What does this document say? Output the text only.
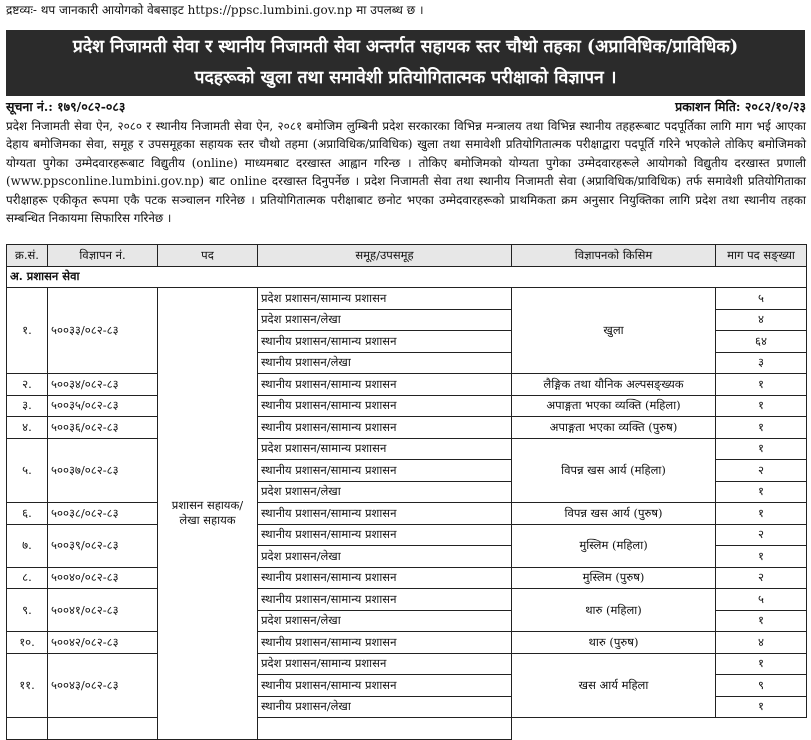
द्रष्टव्यः- थप जानकारी आयोगको वेबसाइट https://ppsc.lumbini.gov.np मा उपलब्ध छ ।
प्रदेश निजामती सेवा र स्थानीय निजामती सेवा अन्तर्गत सहायक स्तर चौथो तहका (अप्राविधिक/प्राविधिक)
पदहरूको खुला तथा समावेशी प्रतियोगितात्मक परीक्षाको विज्ञापन ।
सूचना नं.: १७९/०८२-०८३	प्रकाशन मिति: २०८२/१०/२३
प्रदेश निजामती सेवा ऐन, २०८० र स्थानीय निजामती सेवा ऐन, २०८१ बमोजिम लुम्बिनी प्रदेश सरकारका विभिन्न मन्त्रालय तथा विभिन्न स्थानीय तहहरूबाट पदपूर्तिका लागि माग भई आएका देहाय बमोजिमका सेवा, समूह र उपसमूहका सहायक स्तर चौथो तहमा (अप्राविधिक/प्राविधिक) खुला तथा समावेशी प्रतियोगितात्मक परीक्षाद्वारा पदपूर्ति गरिने भएकोले तोकिए बमोजिमको योग्यता पुगेका उम्मेदवारहरूबाट विद्युतीय (online) माध्यमबाट दरखास्त आह्वान गरिन्छ । तोकिए बमोजिमको योग्यता पुगेका उम्मेदवारहरूले आयोगको विद्युतीय दरखास्त प्रणाली (www.ppsconline.lumbini.gov.np) बाट online दरखास्त दिनुपर्नेछ । प्रदेश निजामती सेवा तथा स्थानीय निजामती सेवा (अप्राविधिक/प्राविधिक) तर्फ समावेशी प्रतियोगिताका परीक्षाहरू एकीकृत रूपमा एकै पटक सञ्चालन गरिनेछ । प्रतियोगितात्मक परीक्षाबाट छनोट भएका उम्मेदवारहरूको प्राथमिकता क्रम अनुसार नियुक्तिका लागि प्रदेश तथा स्थानीय तहका सम्बन्धित निकायमा सिफारिस गरिनेछ ।
क्र.सं.	विज्ञापन नं.	पद	समूह/उपसमूह	विज्ञापनको किसिम	माग पद सङ्ख्या
अ. प्रशासन सेवा					
१.	५००३३/०८२-८३	प्रशासन सहायक/ लेखा सहायक	प्रदेश प्रशासन/सामान्य प्रशासन	खुला	५
			प्रदेश प्रशासन/लेखा		४
			स्थानीय प्रशासन/सामान्य प्रशासन		६४
			स्थानीय प्रशासन/लेखा		३
२.	५००३४/०८२-८३		स्थानीय प्रशासन/सामान्य प्रशासन	लैङ्गिक तथा यौनिक अल्पसङ्ख्यक	१
३.	५००३५/०८२-८३		स्थानीय प्रशासन/सामान्य प्रशासन	अपाङ्गता भएका व्यक्ति (महिला)	१
४.	५००३६/०८२-८३		स्थानीय प्रशासन/सामान्य प्रशासन	अपाङ्गता भएका व्यक्ति (पुरुष)	१
५.	५००३७/०८२-८३		प्रदेश प्रशासन/सामान्य प्रशासन	विपन्न खस आर्य (महिला)	१
			स्थानीय प्रशासन/सामान्य प्रशासन		२
			प्रदेश प्रशासन/लेखा		१
६.	५००३८/०८२-८३		स्थानीय प्रशासन/सामान्य प्रशासन	विपन्न खस आर्य (पुरुष)	१
७.	५००३९/०८२-८३		स्थानीय प्रशासन/सामान्य प्रशासन	मुस्लिम (महिला)	२
			प्रदेश प्रशासन/लेखा		१
८.	५००४०/०८२-८३		स्थानीय प्रशासन/सामान्य प्रशासन	मुस्लिम (पुरुष)	२
९.	५००४१/०८२-८३		स्थानीय प्रशासन/सामान्य प्रशासन	थारु (महिला)	५
			प्रदेश प्रशासन/लेखा		१
१०.	५००४२/०८२-८३		स्थानीय प्रशासन/सामान्य प्रशासन	थारु (पुरुष)	४
११.	५००४३/०८२-८३		प्रदेश प्रशासन/सामान्य प्रशासन	खस आर्य महिला	१
			स्थानीय प्रशासन/सामान्य प्रशासन		९
			स्थानीय प्रशासन/लेखा		१
